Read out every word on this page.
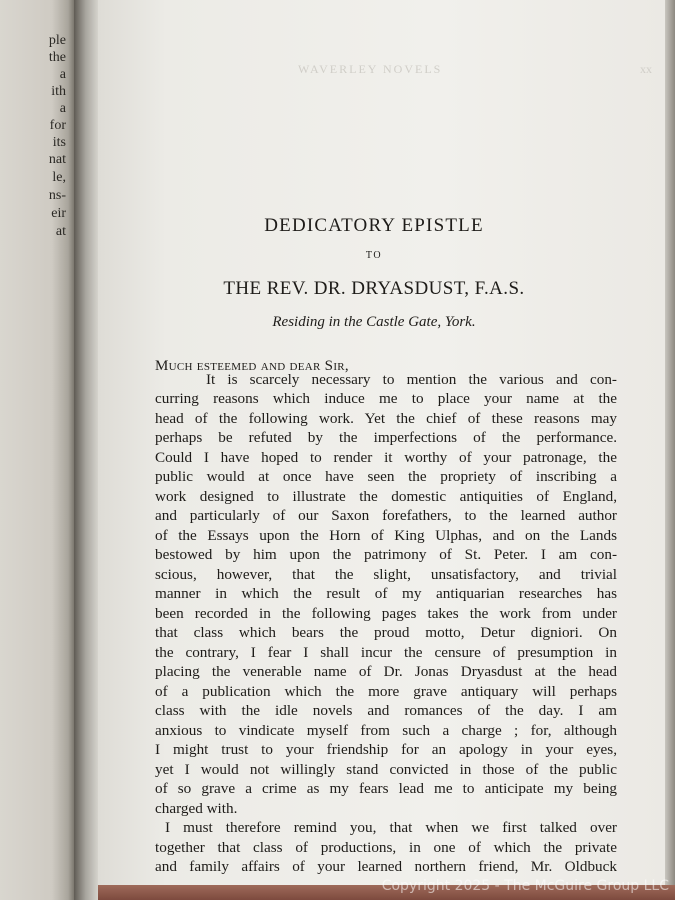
ple
the
a
ith
a
for
its
nat
le,
ns-
eir
at
WAVERLEY NOVELS	xx
DEDICATORY EPISTLE
TO
THE REV. DR. DRYASDUST, F.A.S.
Residing in the Castle Gate, York.
Much esteemed and dear Sir,
It is scarcely necessary to mention the various and con-
curring reasons which induce me to place your name at the
head of the following work. Yet the chief of these reasons may
perhaps be refuted by the imperfections of the performance.
Could I have hoped to render it worthy of your patronage, the
public would at once have seen the propriety of inscribing a
work designed to illustrate the domestic antiquities of England,
and particularly of our Saxon forefathers, to the learned author
of the Essays upon the Horn of King Ulphas, and on the Lands
bestowed by him upon the patrimony of St. Peter. I am con-
scious, however, that the slight, unsatisfactory, and trivial
manner in which the result of my antiquarian researches has
been recorded in the following pages takes the work from under
that class which bears the proud motto, Detur digniori. On
the contrary, I fear I shall incur the censure of presumption in
placing the venerable name of Dr. Jonas Dryasdust at the head
of a publication which the more grave antiquary will perhaps
class with the idle novels and romances of the day. I am
anxious to vindicate myself from such a charge ; for, although
I might trust to your friendship for an apology in your eyes,
yet I would not willingly stand convicted in those of the public
of so grave a crime as my fears lead me to anticipate my being
charged with.
I must therefore remind you, that when we first talked over
together that class of productions, in one of which the private
and family affairs of your learned northern friend, Mr. Oldbuck
Copyright 2025 - The McGuire Group LLC
